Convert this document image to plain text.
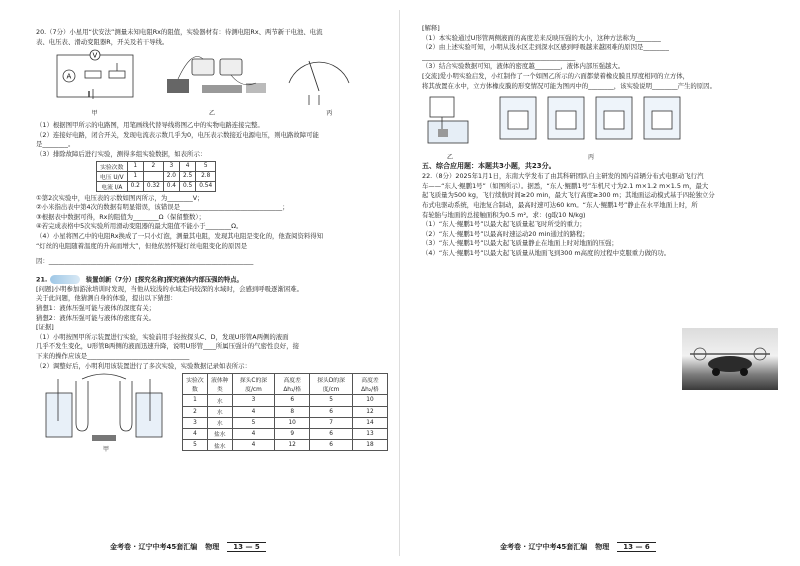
20.（7分）小星用“伏安法”测量未知电阻Rx的阻值，实验器材有：待测电阻Rx、两节新干电池、电流
表、电压表、滑动变阻器R，开关及若干导线。
A
V
甲	乙	丙
（1）根据图甲所示的电路图，用笔画线代替导线将图乙中的实物电路连接完整。
（2）连接好电路，闭合开关，发现电流表示数几乎为0，电压表示数接近电源电压，则电路故障可能
是________。
（3）排除故障后进行实验，测得多组实验数据，如表所示：
实验次数	1	2	3	4	5
电压 U/V	1		2.0	2.5	2.8
电流 I/A	0.2	0.32	0.4	0.5	0.54
①第2次实验中，电压表的示数如图丙所示，为________V；
②小米指出表中第4次的数据有明显错误，该错误是________________________________；
③根据表中数据可得，Rx的阻值为________Ω（保留整数）；
④若完成表格中5次实验所用滑动变阻器的最大阻值不能小于________Ω。
（4）小星将图乙中的电阻Rx换成了一只小灯泡，测量其电阻，发现其电阻是变化的，他查阅资料得知
“灯丝的电阻随着温度的升高而增大”，但他依然怀疑灯丝电阻变化的原因是
因：________________________________________________________________
21.	装置创新（7分）[探究名称]探究液体内部压强的特点。
[问题]小明参加游泳培训时发现，当他从较浅的水域走向较深的水域时，会感到呼吸逐渐困难。
关于此问题，他猜测自身的体验，提出以下猜想：
猜想1：液体压强可能与液体的深度有关；
猜想2：液体压强可能与液体的密度有关。
[证据]
（1）小明按图甲所示装置进行实验，实验前用手轻按探头C、D，发现U形管A两侧的液面
几乎不发生变化，U形管B两侧的液面迅速升降，说明U形管____所属压强计的气密性良好，接
下来的操作应该是________________________________
（2）调整好后，小明利用该装置进行了多次实验，实验数据记录如表所示：
甲
实验次数	液体种类	探头C的深度/cm	高度差Δh₁/格	探头D的深度/cm	高度差Δh₂/格
1	水	3	6	5	10
2	水	4	8	6	12
3	水	5	10	7	14
4	盐水	4	9	6	13
5	盐水	4	12	6	18
金考卷 · 辽宁中考45套汇编 物理	13 — 5
[解释]
（1）本实验通过U形管两侧液面的高度差来反映压强的大小，这种方法称为________
（2）由上述实验可知，小明从浅水区走到深水区感到呼吸越来越困难的原因是________
________________________________________________
（3）结合实验数据可知，液体的密度越________，液体内部压强越大。
[交流]爱小明实验启发，小红制作了一个如图乙所示的六面都蒙着橡皮膜且厚度相同的立方体，
将其放置在水中，立方体橡皮膜的形变情况可能为图丙中的________，该实验说明________产生的原因。
乙	丙
五、综合应用题：本题共3小题，共23分。
22.（8分）2025年1月1日，东南大学发布了由其科研团队自主研发的国内首辆分布式电驱动飞行汽
车——“东人·鲲鹏1号”（如图所示）。据悉，“东人·鲲鹏1号”车机尺寸为2.1 m×1.2 m×1.5 m，最大
起飞质量为500 kg，飞行续航时间≥20 min，最大飞行高度≥300 m；其地面运动模式基于四轮独立分
布式电驱动系统，电池复合制动，最高时速可达60 km。“东人·鲲鹏1号”静止在水平地面上时，所
有轮胎与地面的总接触面积为0.5 m²。求：(g取10 N/kg)
（1）“东人·鲲鹏1号”以最大起飞质量起飞时所受的重力；
（2）“东人·鲲鹏1号”以最高时速运动20 min通过的路程；
（3）“东人·鲲鹏1号”以最大起飞质量静止在地面上时对地面的压强；
（4）“东人·鲲鹏1号”以最大起飞质量从地面飞到300 m高度的过程中克服重力做的功。
金考卷 · 辽宁中考45套汇编 物理	13 — 6
